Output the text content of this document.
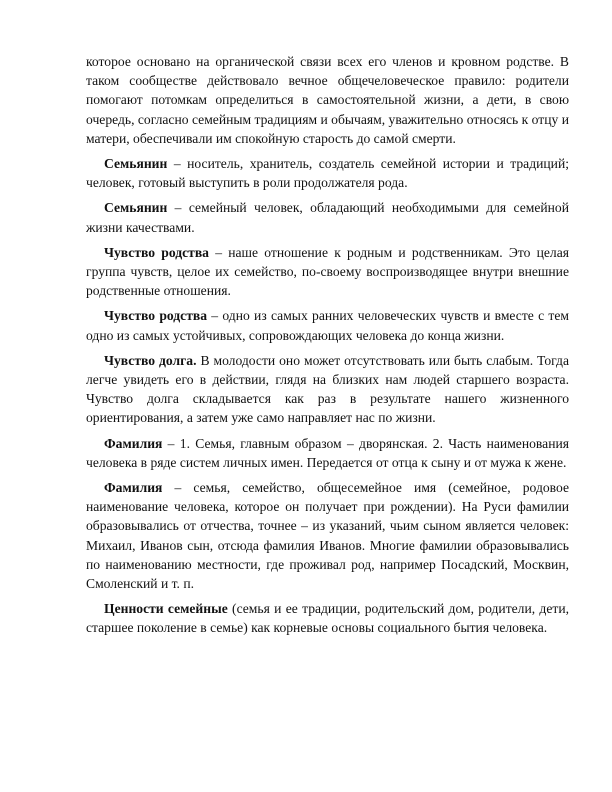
которое основано на органической связи всех его членов и кровном родстве. В таком сообществе действовало вечное общечеловеческое правило: родители помогают потомкам определиться в самостоятельной жизни, а дети, в свою очередь, согласно семейным традициям и обычаям, уважительно относясь к отцу и матери, обеспечивали им спокойную старость до самой смерти.

Семьянин – носитель, хранитель, создатель семейной истории и традиций; человек, готовый выступить в роли продолжателя рода.

Семьянин – семейный человек, обладающий необходимыми для семейной жизни качествами.

Чувство родства – наше отношение к родным и родственникам. Это целая группа чувств, целое их семейство, по-своему воспроизводящее внутри внешние родственные отношения.

Чувство родства – одно из самых ранних человеческих чувств и вместе с тем одно из самых устойчивых, сопровождающих человека до конца жизни.

Чувство долга. В молодости оно может отсутствовать или быть слабым. Тогда легче увидеть его в действии, глядя на близких нам людей старшего возраста. Чувство долга складывается как раз в результате нашего жизненного ориентирования, а затем уже само направляет нас по жизни.

Фамилия – 1. Семья, главным образом – дворянская. 2. Часть наименования человека в ряде систем личных имен. Передается от отца к сыну и от мужа к жене.

Фамилия – семья, семейство, общесемейное имя (семейное, родовое наименование человека, которое он получает при рождении). На Руси фамилии образовывались от отчества, точнее – из указаний, чьим сыном является человек: Михаил, Иванов сын, отсюда фамилия Иванов. Многие фамилии образовывались по наименованию местности, где проживал род, например Посадский, Москвин, Смоленский и т. п.

Ценности семейные (семья и ее традиции, родительский дом, родители, дети, старшее поколение в семье) как корневые основы социального бытия человека.
